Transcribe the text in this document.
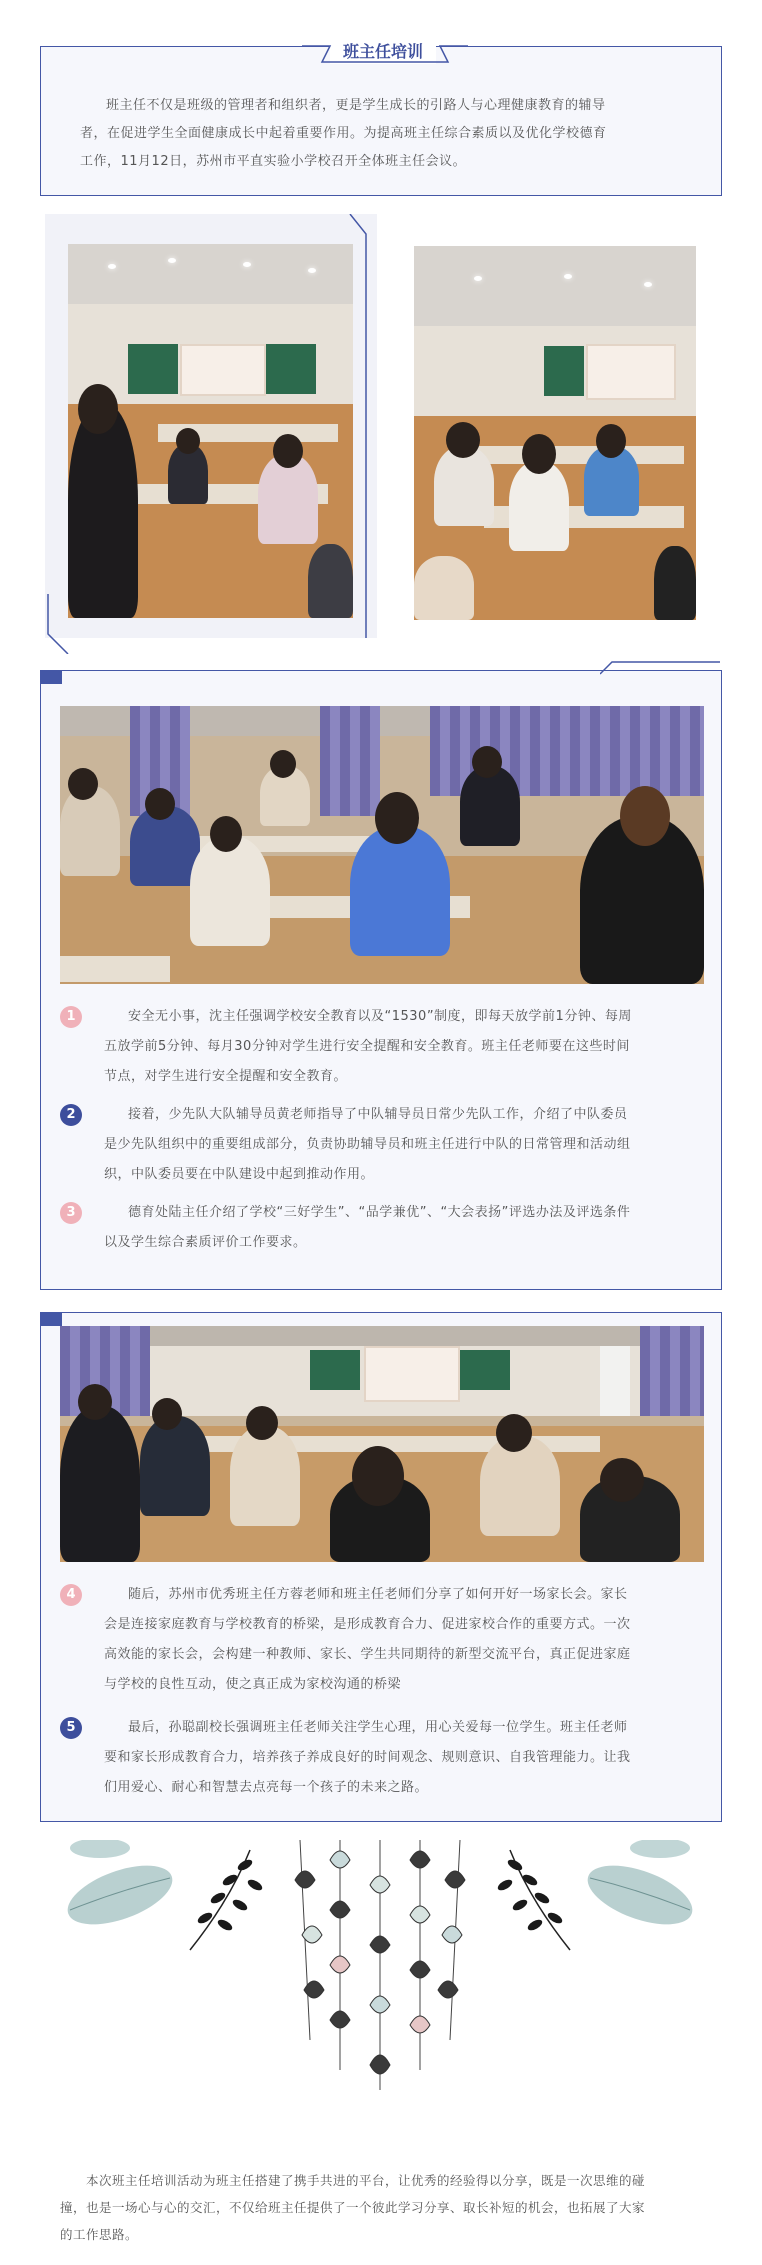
班主任培训
班主任不仅是班级的管理者和组织者，更是学生成长的引路人与心理健康教育的辅导
者，在促进学生全面健康成长中起着重要作用。为提高班主任综合素质以及优化学校德育
工作，11月12日，苏州市平直实验小学校召开全体班主任会议。
1	安全无小事，沈主任强调学校安全教育以及“1530”制度，即每天放学前1分钟、每周
五放学前5分钟、每月30分钟对学生进行安全提醒和安全教育。班主任老师要在这些时间
节点，对学生进行安全提醒和安全教育。
2	接着，少先队大队辅导员黄老师指导了中队辅导员日常少先队工作，介绍了中队委员
是少先队组织中的重要组成部分，负责协助辅导员和班主任进行中队的日常管理和活动组
织，中队委员要在中队建设中起到推动作用。
3	德育处陆主任介绍了学校“三好学生”、“品学兼优”、“大会表扬”评选办法及评选条件
以及学生综合素质评价工作要求。
4	随后，苏州市优秀班主任方蓉老师和班主任老师们分享了如何开好一场家长会。家长
会是连接家庭教育与学校教育的桥梁，是形成教育合力、促进家校合作的重要方式。一次
高效能的家长会，会构建一种教师、家长、学生共同期待的新型交流平台，真正促进家庭
与学校的良性互动，使之真正成为家校沟通的桥梁
5	最后，孙聪副校长强调班主任老师关注学生心理，用心关爱每一位学生。班主任老师
要和家长形成教育合力，培养孩子养成良好的时间观念、规则意识、自我管理能力。让我
们用爱心、耐心和智慧去点亮每一个孩子的未来之路。
本次班主任培训活动为班主任搭建了携手共进的平台，让优秀的经验得以分享，既是一次思维的碰
撞，也是一场心与心的交汇，不仅给班主任提供了一个彼此学习分享、取长补短的机会，也拓展了大家
的工作思路。
